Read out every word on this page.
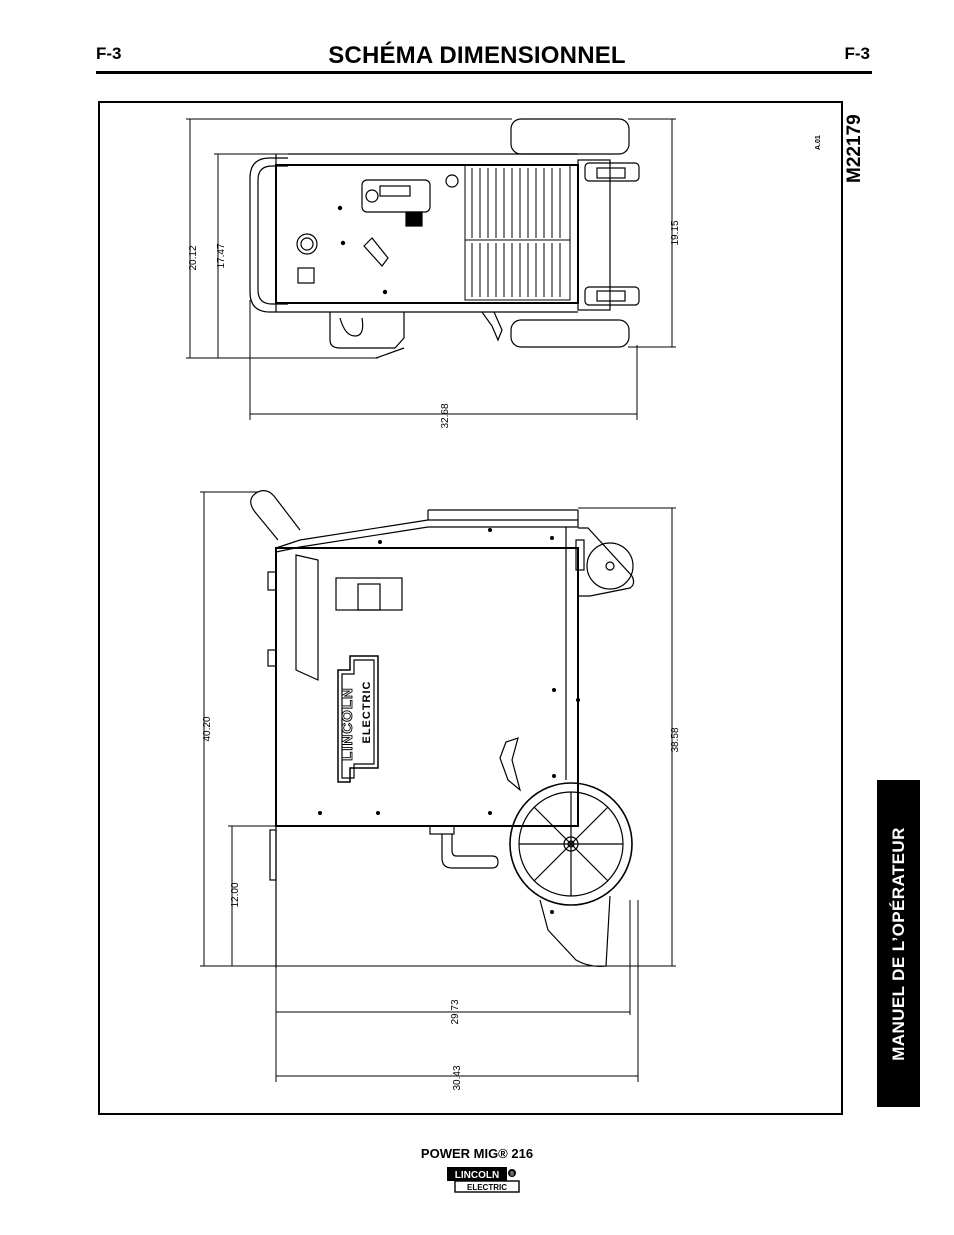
F-3	SCHÉMA DIMENSIONNEL	F-3
M22179
A.01
20.12 17.47
19.15
32.68
LINCOLN ELECTRIC
40.20	38.58
12.00
29.73
30.43
LINCOLN ®
ELECTRIC
MANUEL DE L’OPÉRATEUR
POWER MIG® 216
